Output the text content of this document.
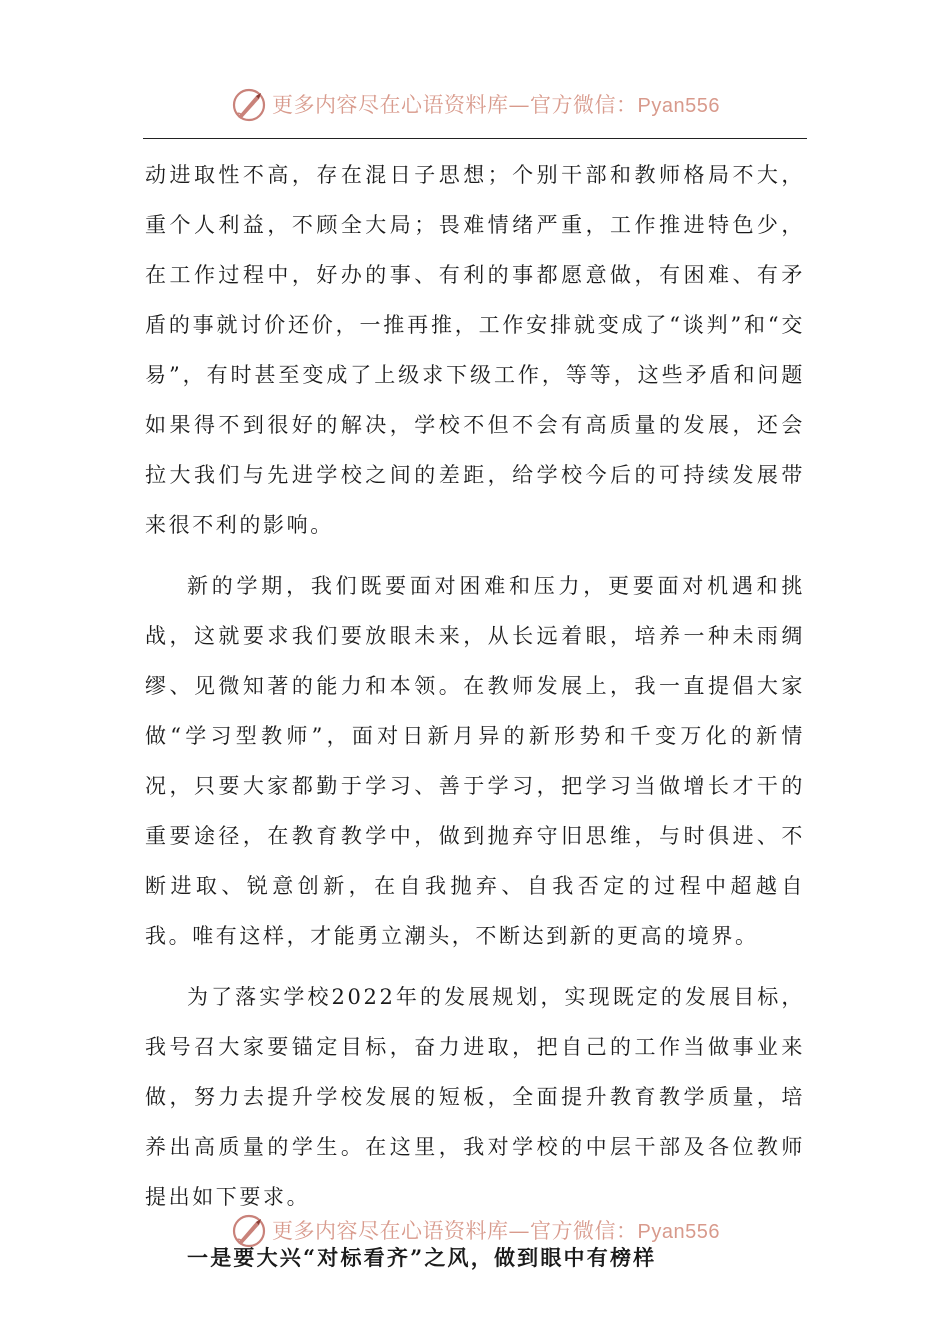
更多内容尽在心语资料库—官方微信：Pyan556

动进取性不高，存在混日子思想；个别干部和教师格局不大，重个人利益，不顾全大局；畏难情绪严重，工作推进特色少，在工作过程中，好办的事、有利的事都愿意做，有困难、有矛盾的事就讨价还价，一推再推，工作安排就变成了“谈判”和“交易”，有时甚至变成了上级求下级工作，等等，这些矛盾和问题如果得不到很好的解决，学校不但不会有高质量的发展，还会拉大我们与先进学校之间的差距，给学校今后的可持续发展带来很不利的影响。

新的学期，我们既要面对困难和压力，更要面对机遇和挑战，这就要求我们要放眼未来，从长远着眼，培养一种未雨绸缪、见微知著的能力和本领。在教师发展上，我一直提倡大家做“学习型教师”，面对日新月异的新形势和千变万化的新情况，只要大家都勤于学习、善于学习，把学习当做增长才干的重要途径，在教育教学中，做到抛弃守旧思维，与时俱进、不断进取、锐意创新，在自我抛弃、自我否定的过程中超越自我。唯有这样，才能勇立潮头，不断达到新的更高的境界。

为了落实学校2022年的发展规划，实现既定的发展目标，我号召大家要锚定目标，奋力进取，把自己的工作当做事业来做，努力去提升学校发展的短板，全面提升教育教学质量，培养出高质量的学生。在这里，我对学校的中层干部及各位教师提出如下要求。

一是要大兴“对标看齐”之风，做到眼中有榜样

更多内容尽在心语资料库—官方微信：Pyan556
